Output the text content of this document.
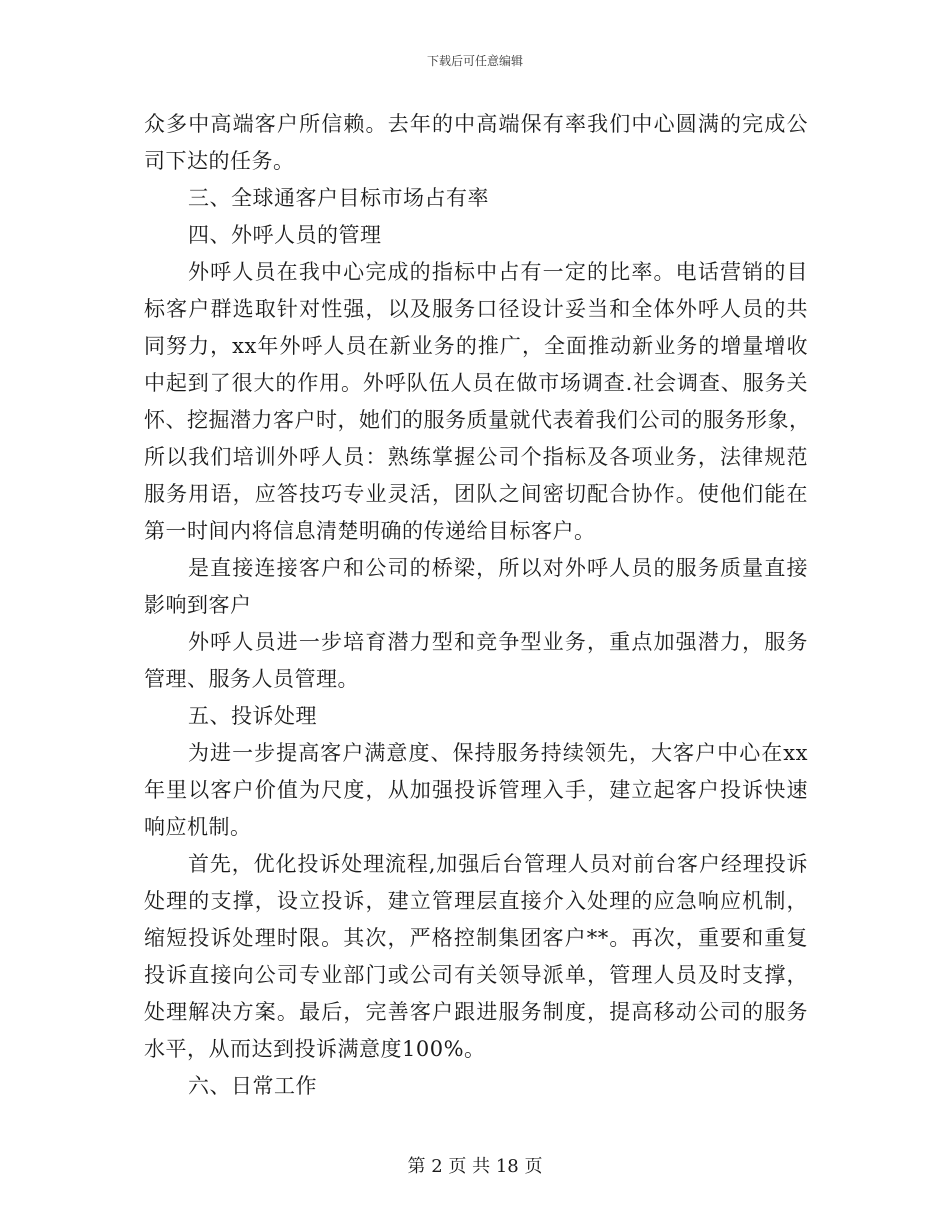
下载后可任意编辑
众多中高端客户所信赖。去年的中高端保有率我们中心圆满的完成公
司下达的任务。
三、全球通客户目标市场占有率
四、外呼人员的管理
外呼人员在我中心完成的指标中占有一定的比率。电话营销的目
标客户群选取针对性强，以及服务口径设计妥当和全体外呼人员的共
同努力，xx年外呼人员在新业务的推广，全面推动新业务的增量增收
中起到了很大的作用。外呼队伍人员在做市场调查.社会调查、服务关
怀、挖掘潜力客户时，她们的服务质量就代表着我们公司的服务形象，
所以我们培训外呼人员：熟练掌握公司个指标及各项业务，法律规范
服务用语，应答技巧专业灵活，团队之间密切配合协作。使他们能在
第一时间内将信息清楚明确的传递给目标客户。
是直接连接客户和公司的桥梁，所以对外呼人员的服务质量直接
影响到客户
外呼人员进一步培育潜力型和竞争型业务，重点加强潜力，服务
管理、服务人员管理。
五、投诉处理
为进一步提高客户满意度、保持服务持续领先，大客户中心在xx
年里以客户价值为尺度，从加强投诉管理入手，建立起客户投诉快速
响应机制。
首先，优化投诉处理流程,加强后台管理人员对前台客户经理投诉
处理的支撑，设立投诉，建立管理层直接介入处理的应急响应机制，
缩短投诉处理时限。其次，严格控制集团客户**。再次，重要和重复
投诉直接向公司专业部门或公司有关领导派单，管理人员及时支撑，
处理解决方案。最后，完善客户跟进服务制度，提高移动公司的服务
水平，从而达到投诉满意度100%。
六、日常工作
第 2 页 共 18 页
